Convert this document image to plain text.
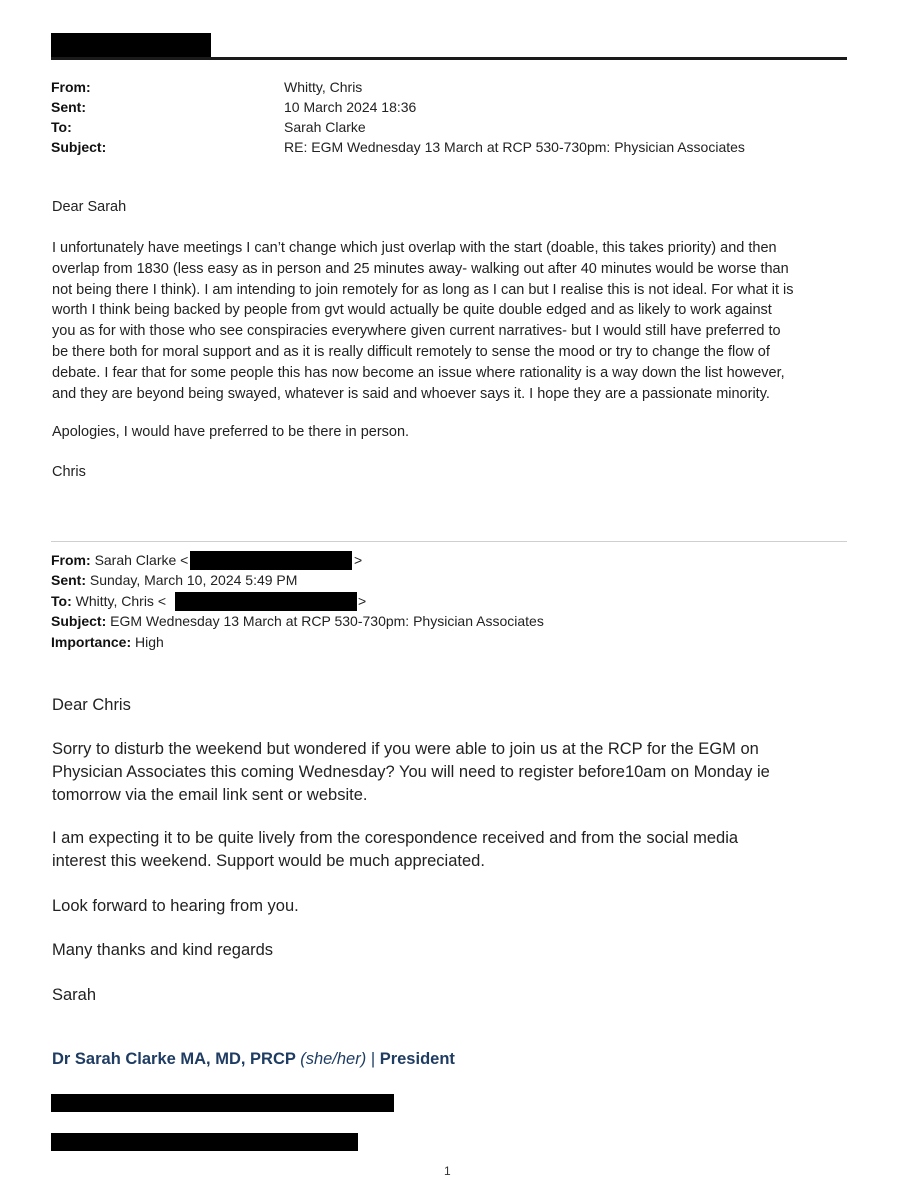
From:	Whitty, Chris
Sent:	10 March 2024 18:36
To:	Sarah Clarke
Subject:	RE: EGM Wednesday 13 March at RCP 530-730pm: Physician Associates
Dear Sarah
I unfortunately have meetings I can’t change which just overlap with the start (doable, this takes priority) and then
overlap from 1830 (less easy as in person and 25 minutes away- walking out after 40 minutes would be worse than
not being there I think). I am intending to join remotely for as long as I can but I realise this is not ideal. For what it is
worth I think being backed by people from gvt would actually be quite double edged and as likely to work against
you as for with those who see conspiracies everywhere given current narratives- but I would still have preferred to
be there both for moral support and as it is really difficult remotely to sense the mood or try to change the flow of
debate. I fear that for some people this has now become an issue where rationality is a way down the list however,
and they are beyond being swayed, whatever is said and whoever says it. I hope they are a passionate minority.
Apologies, I would have preferred to be there in person.
Chris
From: Sarah Clarke <	>
Sent: Sunday, March 10, 2024 5:49 PM
To: Whitty, Chris <	>
Subject: EGM Wednesday 13 March at RCP 530-730pm: Physician Associates
Importance: High
Dear Chris
Sorry to disturb the weekend but wondered if you were able to join us at the RCP for the EGM on
Physician Associates this coming Wednesday? You will need to register before10am on Monday ie
tomorrow via the email link sent or website.
I am expecting it to be quite lively from the corespondence received and from the social media
interest this weekend. Support would be much appreciated.
Look forward to hearing from you.
Many thanks and kind regards
Sarah
Dr Sarah Clarke MA, MD, PRCP (she/her) | President
1
